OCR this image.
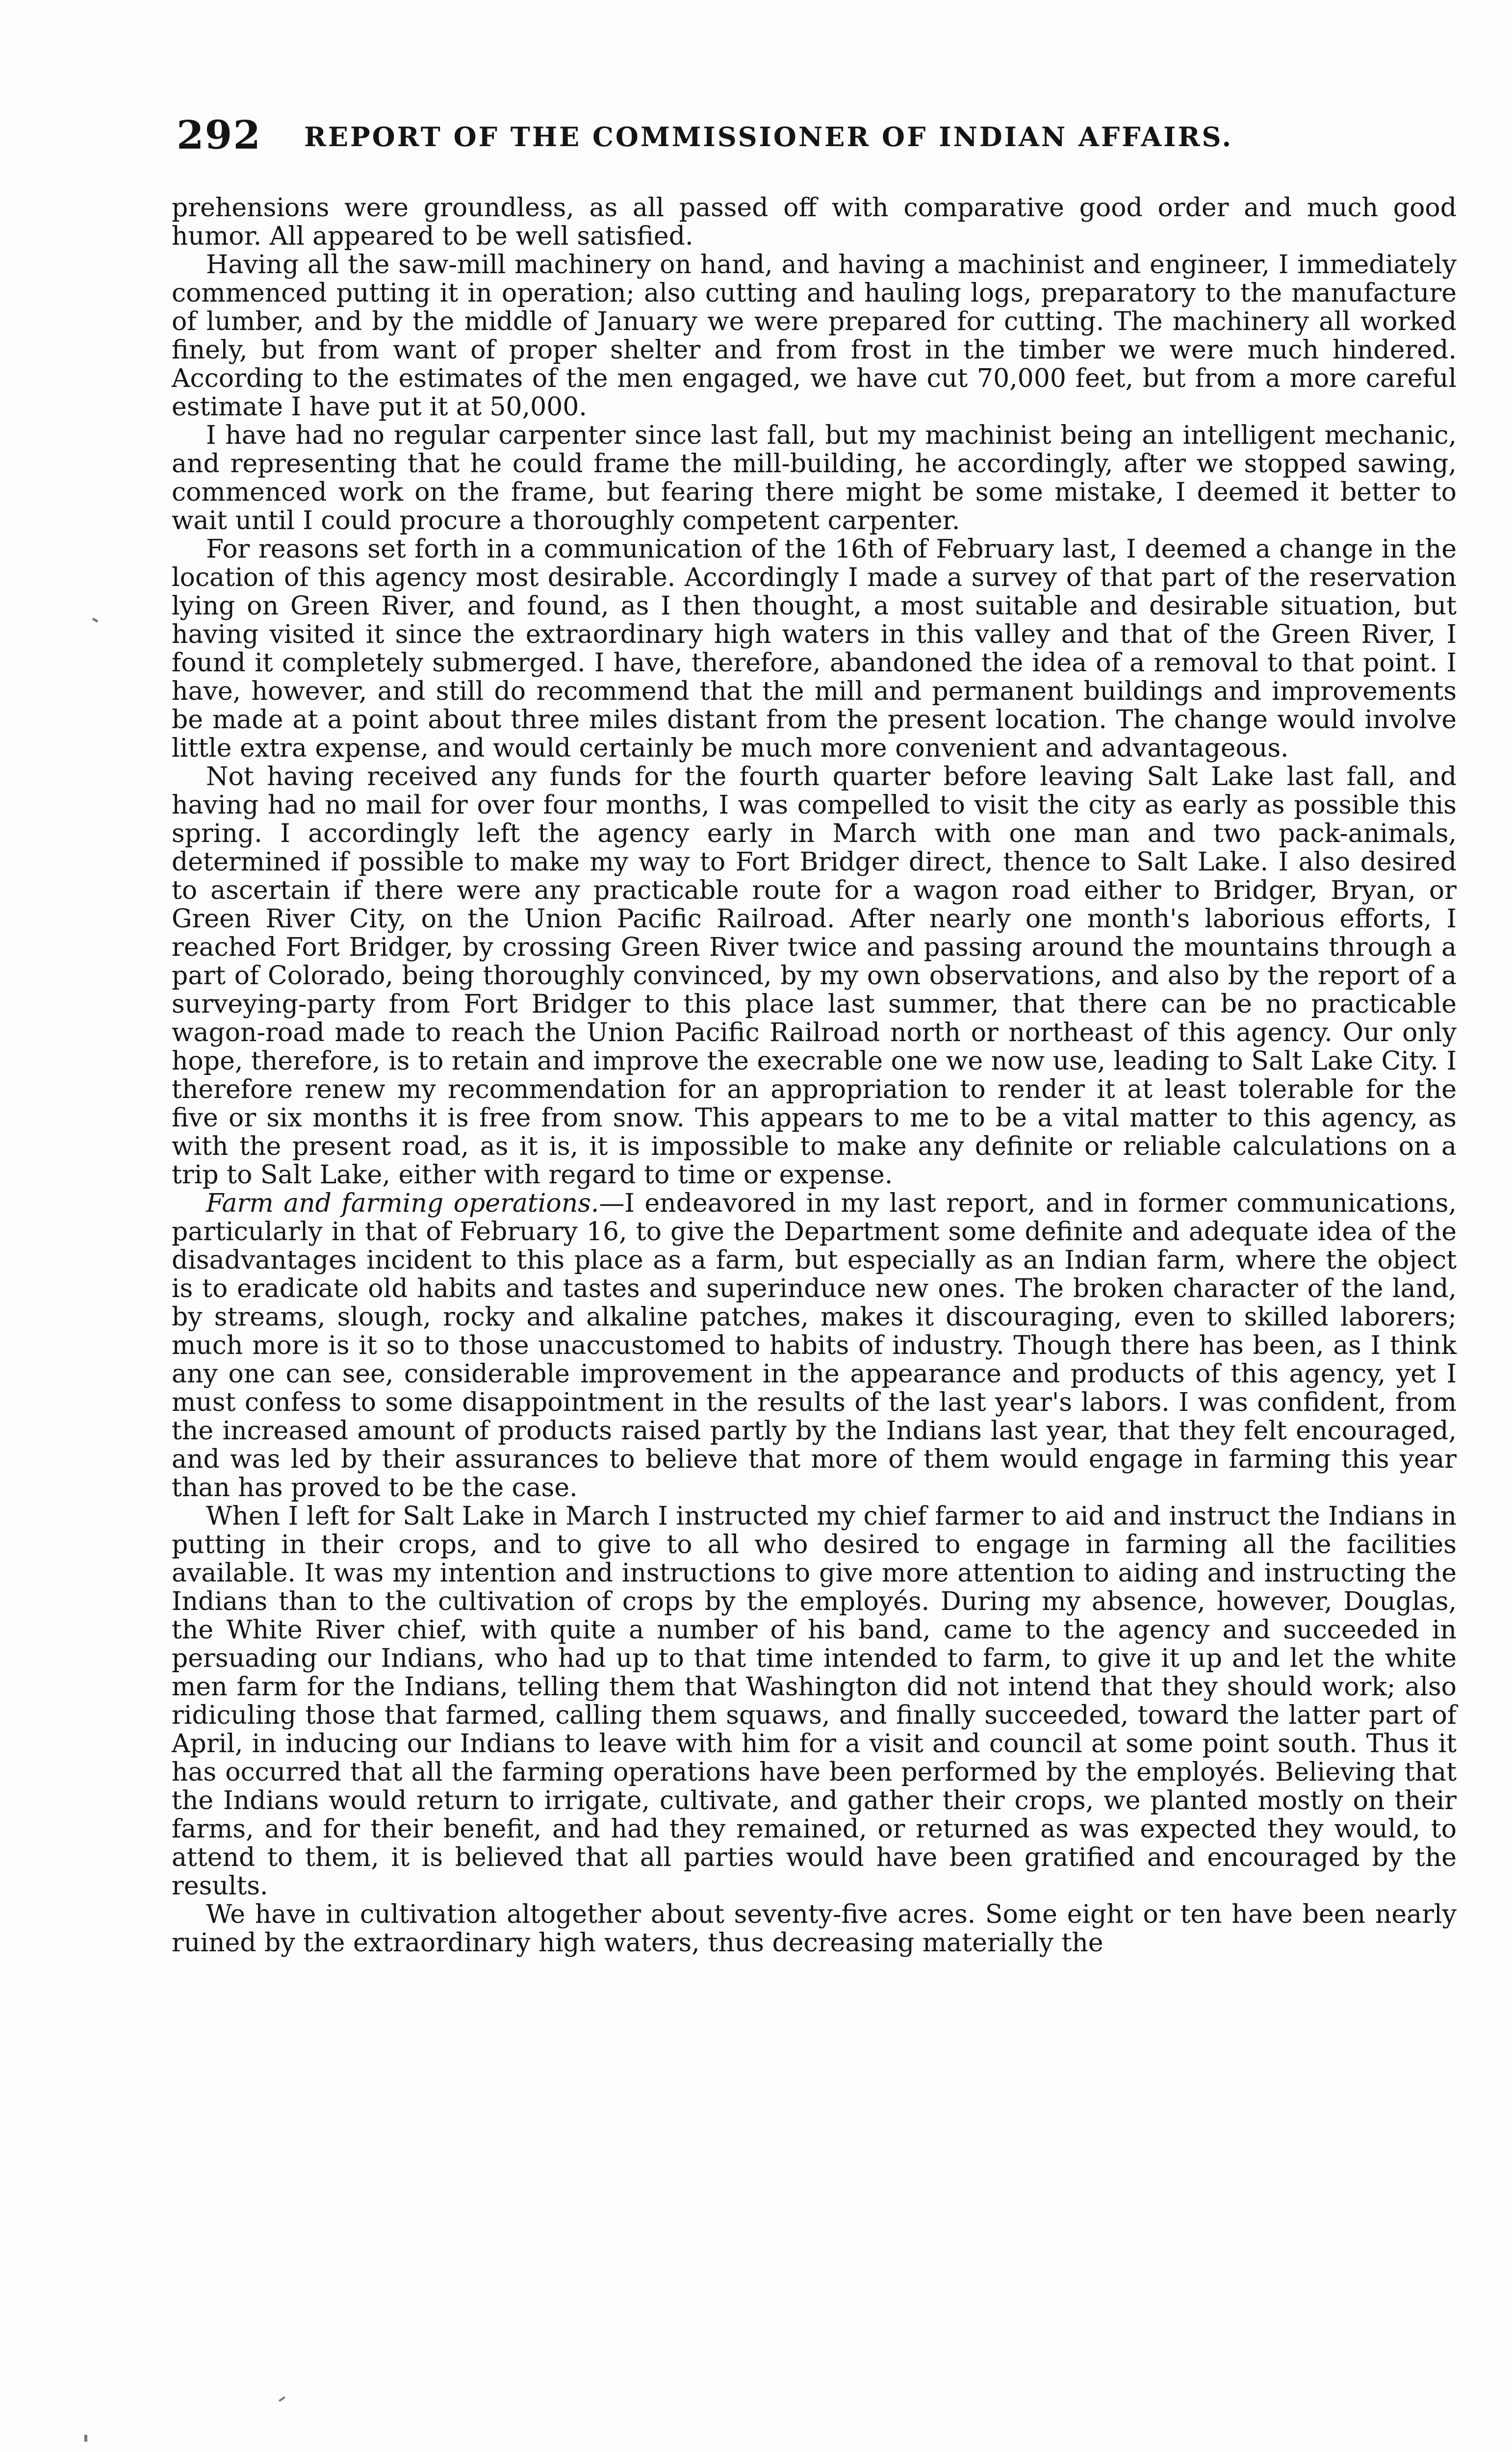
292 REPORT OF THE COMMISSIONER OF INDIAN AFFAIRS.

prehensions were groundless, as all passed off with comparative good order and much good humor. All appeared to be well satisfied.

Having all the saw-mill machinery on hand, and having a machinist and engineer, I immediately commenced putting it in operation; also cutting and hauling logs, preparatory to the manufacture of lumber, and by the middle of January we were prepared for cutting. The machinery all worked finely, but from want of proper shelter and from frost in the timber we were much hindered. According to the estimates of the men engaged, we have cut 70,000 feet, but from a more careful estimate I have put it at 50,000.

I have had no regular carpenter since last fall, but my machinist being an intelligent mechanic, and representing that he could frame the mill-building, he accordingly, after we stopped sawing, commenced work on the frame, but fearing there might be some mistake, I deemed it better to wait until I could procure a thoroughly competent carpenter.

For reasons set forth in a communication of the 16th of February last, I deemed a change in the location of this agency most desirable. Accordingly I made a survey of that part of the reservation lying on Green River, and found, as I then thought, a most suitable and desirable situation, but having visited it since the extraordinary high waters in this valley and that of the Green River, I found it completely submerged. I have, therefore, abandoned the idea of a removal to that point. I have, however, and still do recommend that the mill and permanent buildings and improvements be made at a point about three miles distant from the present location. The change would involve little extra expense, and would certainly be much more convenient and advantageous.

Not having received any funds for the fourth quarter before leaving Salt Lake last fall, and having had no mail for over four months, I was compelled to visit the city as early as possible this spring. I accordingly left the agency early in March with one man and two pack-animals, determined if possible to make my way to Fort Bridger direct, thence to Salt Lake. I also desired to ascertain if there were any practicable route for a wagon road either to Bridger, Bryan, or Green River City, on the Union Pacific Railroad. After nearly one month's laborious efforts, I reached Fort Bridger, by crossing Green River twice and passing around the mountains through a part of Colorado, being thoroughly convinced, by my own observations, and also by the report of a surveying-party from Fort Bridger to this place last summer, that there can be no practicable wagon-road made to reach the Union Pacific Railroad north or northeast of this agency. Our only hope, therefore, is to retain and improve the execrable one we now use, leading to Salt Lake City. I therefore renew my recommendation for an appropriation to render it at least tolerable for the five or six months it is free from snow. This appears to me to be a vital matter to this agency, as with the present road, as it is, it is impossible to make any definite or reliable calculations on a trip to Salt Lake, either with regard to time or expense.

Farm and farming operations.—I endeavored in my last report, and in former communications, particularly in that of February 16, to give the Department some definite and adequate idea of the disadvantages incident to this place as a farm, but especially as an Indian farm, where the object is to eradicate old habits and tastes and superinduce new ones. The broken character of the land, by streams, slough, rocky and alkaline patches, makes it discouraging, even to skilled laborers; much more is it so to those unaccustomed to habits of industry. Though there has been, as I think any one can see, considerable improvement in the appearance and products of this agency, yet I must confess to some disappointment in the results of the last year's labors. I was confident, from the increased amount of products raised partly by the Indians last year, that they felt encouraged, and was led by their assurances to believe that more of them would engage in farming this year than has proved to be the case.

When I left for Salt Lake in March I instructed my chief farmer to aid and instruct the Indians in putting in their crops, and to give to all who desired to engage in farming all the facilities available. It was my intention and instructions to give more attention to aiding and instructing the Indians than to the cultivation of crops by the employés. During my absence, however, Douglas, the White River chief, with quite a number of his band, came to the agency and succeeded in persuading our Indians, who had up to that time intended to farm, to give it up and let the white men farm for the Indians, telling them that Washington did not intend that they should work; also ridiculing those that farmed, calling them squaws, and finally succeeded, toward the latter part of April, in inducing our Indians to leave with him for a visit and council at some point south. Thus it has occurred that all the farming operations have been performed by the employés. Believing that the Indians would return to irrigate, cultivate, and gather their crops, we planted mostly on their farms, and for their benefit, and had they remained, or returned as was expected they would, to attend to them, it is believed that all parties would have been gratified and encouraged by the results.

We have in cultivation altogether about seventy-five acres. Some eight or ten have been nearly ruined by the extraordinary high waters, thus decreasing materially the
